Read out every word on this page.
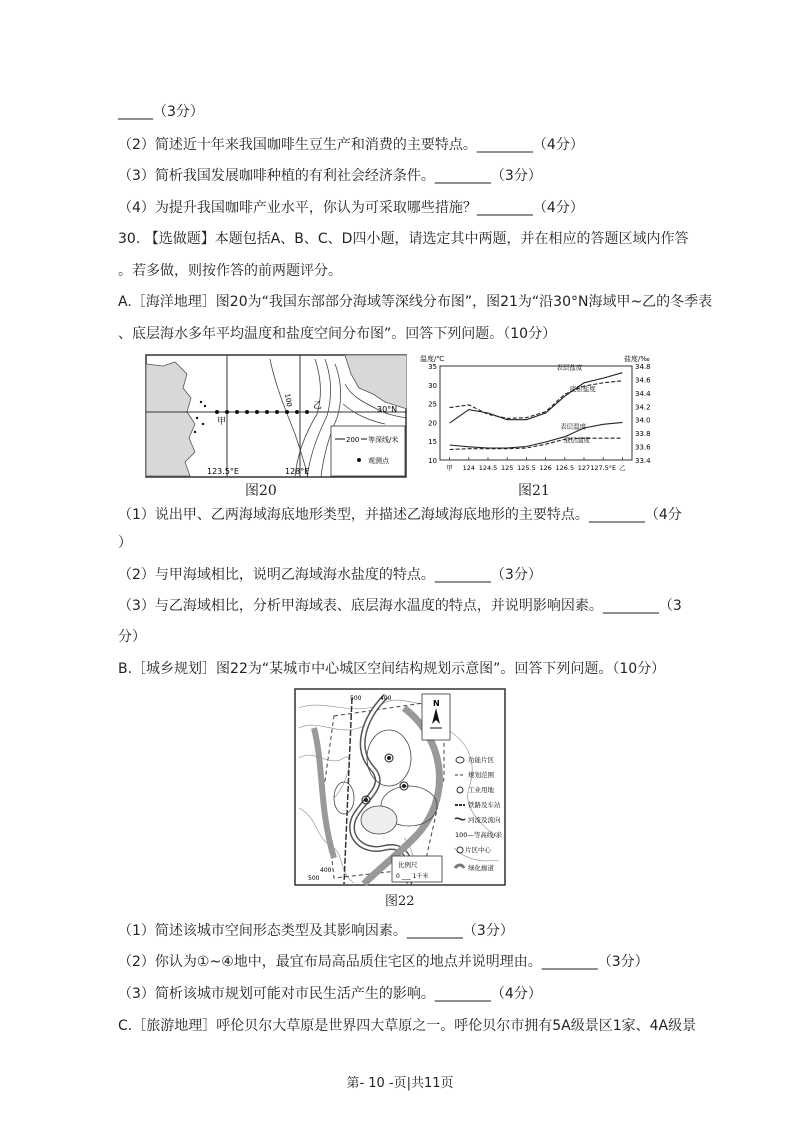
_____（3分）
（2）简述近十年来我国咖啡生豆生产和消费的主要特点。________（4分）
（3）简析我国发展咖啡种植的有利社会经济条件。________（3分）
（4）为提升我国咖啡产业水平，你认为可采取哪些措施？________（4分）
30. 【选做题】本题包括A、B、C、D四小题，请选定其中两题，并在相应的答题区域内作答
。若多做，则按作答的前两题评分。
A.［海洋地理］图20为“我国东部部分海域等深线分布图”，图21为“沿30°N海域甲~乙的冬季表
、底层海水多年平均温度和盐度空间分布图”。回答下列问题。（10分）
甲
乙
100
30°N
123.5°E	128°E
200 等深线/米
观测点
图20
温度/℃	盐度/‰
10
15
20
25
30
35
33.4
33.6
33.8
34.0
34.2
34.4
34.6
34.8
甲 124 124.5 125 125.5 126 126.5 127 127.5°E 乙
表层盐度
底层盐度
表层温度
底层温度
图21
（1）说出甲、乙两海域海底地形类型，并描述乙海域海底地形的主要特点。________（4分
）
（2）与甲海域相比，说明乙海域海水盐度的特点。________（3分）
（3）与乙海域相比，分析甲海域表、底层海水温度的特点，并说明影响因素。________（3
分）
B.［城乡规划］图22为“某城市中心城区空间结构规划示意图”。回答下列问题。（10分）
500	400
500
400
N
功能片区
规划范围
工业用地
铁路及车站
河流及流向
100—等高线/米
片区中心
绿化廊道
比例尺
0 ___ 1千米
图22
（1）简述该城市空间形态类型及其影响因素。________（3分）
（2）你认为①~④地中，最宜布局高品质住宅区的地点并说明理由。________（3分）
（3）简析该城市规划可能对市民生活产生的影响。________（4分）
C.［旅游地理］呼伦贝尔大草原是世界四大草原之一。呼伦贝尔市拥有5A级景区1家、4A级景
第- 10 -页|共11页
